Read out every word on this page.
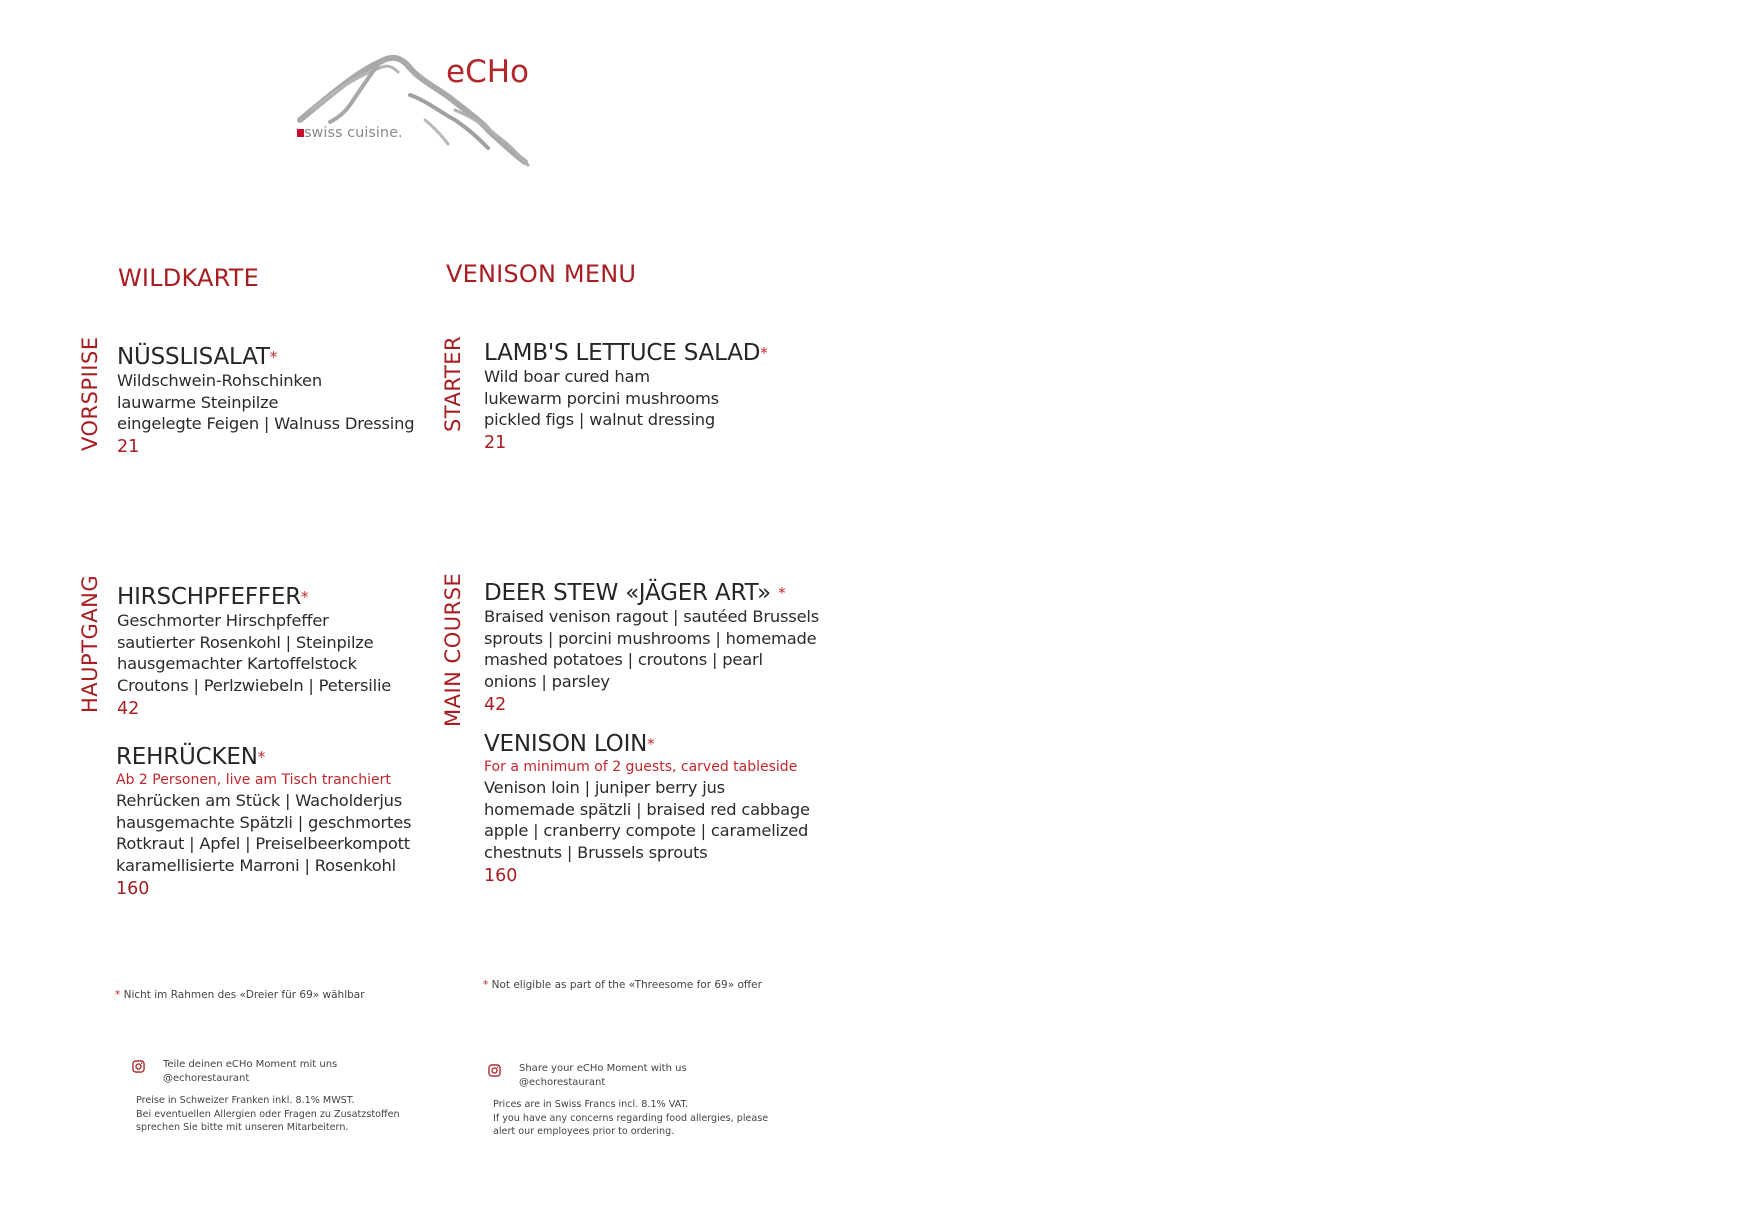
eCHo
swiss cuisine.
WILDKARTE	VENISON MENU
VORSPIISE
HAUPTGANG
STARTER
MAIN COURSE
NÜSSLISALAT*
Wildschwein-Rohschinken
lauwarme Steinpilze
eingelegte Feigen | Walnuss Dressing
21
HIRSCHPFEFFER*
Geschmorter Hirschpfeffer
sautierter Rosenkohl | Steinpilze
hausgemachter Kartoffelstock
Croutons | Perlzwiebeln | Petersilie
42
REHRÜCKEN*
Ab 2 Personen, live am Tisch tranchiert
Rehrücken am Stück | Wacholderjus
hausgemachte Spätzli | geschmortes
Rotkraut | Apfel | Preiselbeerkompott
karamellisierte Marroni | Rosenkohl
160
LAMB'S LETTUCE SALAD*
Wild boar cured ham
lukewarm porcini mushrooms
pickled figs | walnut dressing
21
DEER STEW «JÄGER ART» *
Braised venison ragout | sautéed Brussels
sprouts | porcini mushrooms | homemade
mashed potatoes | croutons | pearl
onions | parsley
42
VENISON LOIN*
For a minimum of 2 guests, carved tableside
Venison loin | juniper berry jus
homemade spätzli | braised red cabbage
apple | cranberry compote | caramelized
chestnuts | Brussels sprouts
160
* Nicht im Rahmen des «Dreier für 69» wählbar
* Not eligible as part of the «Threesome for 69» offer
Teile deinen eCHo Moment mit uns
@echorestaurant
Share your eCHo Moment with us
@echorestaurant
Preise in Schweizer Franken inkl. 8.1% MWST.
Bei eventuellen Allergien oder Fragen zu Zusatzstoffen
sprechen Sie bitte mit unseren Mitarbeitern.
Prices are in Swiss Francs incl. 8.1% VAT.
If you have any concerns regarding food allergies, please
alert our employees prior to ordering.
